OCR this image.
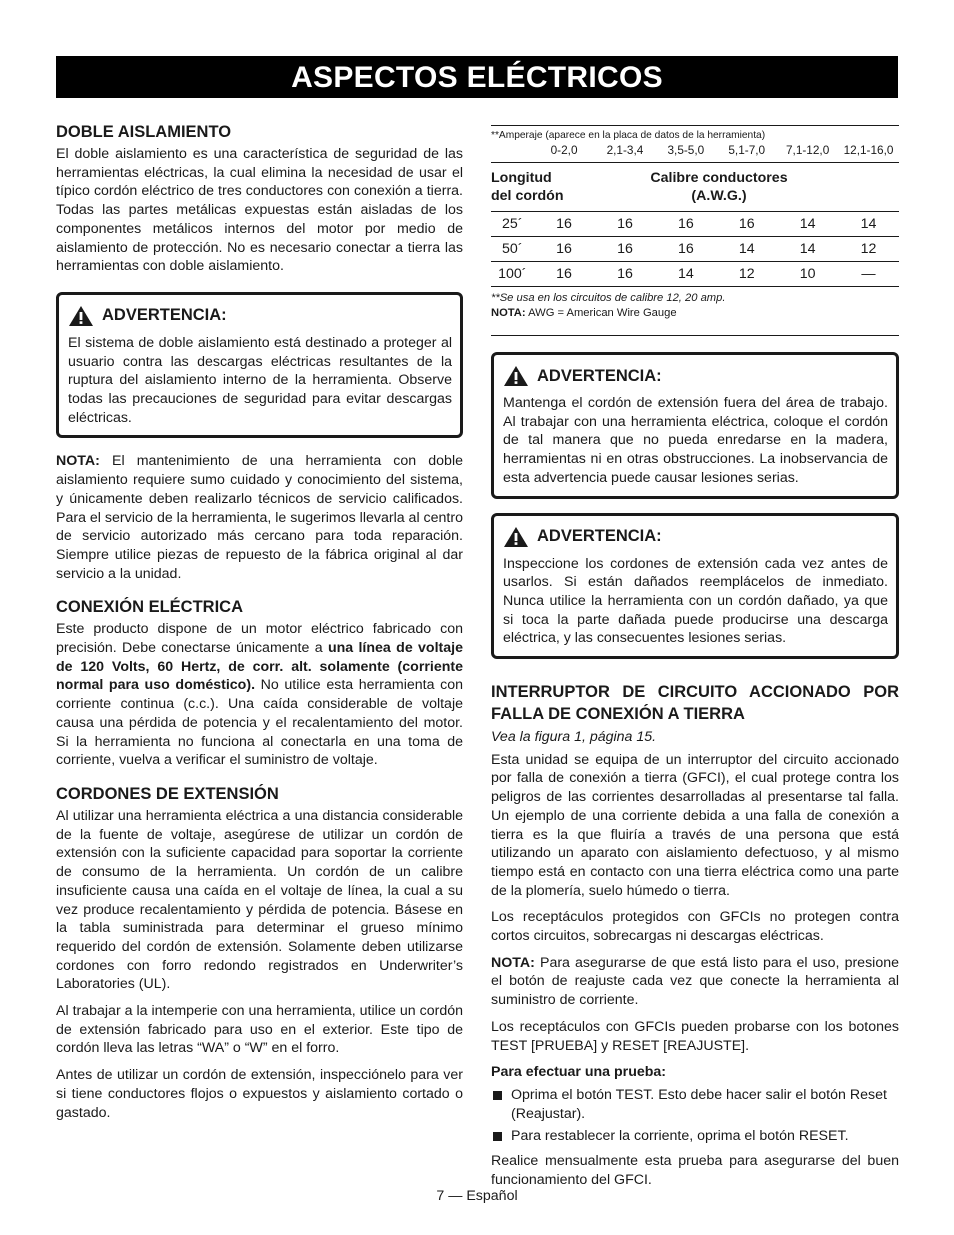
ASPECTOS ELÉCTRICOS
DOBLE AISLAMIENTO

El doble aislamiento es una característica de seguridad de las herramientas eléctricas, la cual elimina la necesidad de usar el típico cordón eléctrico de tres conductores con conexión a tierra. Todas las partes metálicas expuestas están aisladas de los componentes metálicos internos del motor por medio de aislamiento de protección. No es necesario conectar a tierra las herramientas con doble aislamiento.

ADVERTENCIA:

El sistema de doble aislamiento está destinado a proteger al usuario contra las descargas eléctricas resultantes de la ruptura del aislamiento interno de la herramienta. Observe todas las precauciones de seguridad para evitar descargas eléctricas.

NOTA: El mantenimiento de una herramienta con doble aislamiento requiere sumo cuidado y conocimiento del sistema, y únicamente deben realizarlo técnicos de servicio calificados. Para el servicio de la herramienta, le sugerimos llevarla al centro de servicio autorizado más cercano para toda reparación. Siempre utilice piezas de repuesto de la fábrica original al dar servicio a la unidad.

CONEXIÓN ELÉCTRICA

Este producto dispone de un motor eléctrico fabricado con precisión. Debe conectarse únicamente a una línea de voltaje de 120 Volts, 60 Hertz, de corr. alt. solamente (corriente normal para uso doméstico). No utilice esta herramienta con corriente continua (c.c.). Una caída considerable de voltaje causa una pérdida de potencia y el recalentamiento del motor. Si la herramienta no funciona al conectarla en una toma de corriente, vuelva a verificar el suministro de voltaje.

CORDONES DE EXTENSIÓN

Al utilizar una herramienta eléctrica a una distancia considerable de la fuente de voltaje, asegúrese de utilizar un cordón de extensión con la suficiente capacidad para soportar la corriente de consumo de la herramienta. Un cordón de un calibre insuficiente causa una caída en el voltaje de línea, la cual a su vez produce recalentamiento y pérdida de potencia. Básese en la tabla suministrada para determinar el grueso mínimo requerido del cordón de extensión. Solamente deben utilizarse cordones con forro redondo registrados en Underwriter’s Laboratories (UL).

Al trabajar a la intemperie con una herramienta, utilice un cordón de extensión fabricado para uso en el exterior. Este tipo de cordón lleva las letras “WA” o “W” en el forro.

Antes de utilizar un cordón de extensión, inspecciónelo para ver si tiene conductores flojos o expuestos y aislamiento cortado o gastado.

**Amperaje (aparece en la placa de datos de la herramienta)
0-2,0	2,1-3,4	3,5-5,0	5,1-7,0	7,1-12,0	12,1-16,0
Longitud
del cordón
Calibre conductores
(A.W.G.)
25´	16	16	16	16	14	14
50´	16	16	16	14	14	12
100´	16	16	14	12	10	—
**Se usa en los circuitos de calibre 12, 20 amp.
NOTA: AWG = American Wire Gauge
ADVERTENCIA:

Mantenga el cordón de extensión fuera del área de trabajo. Al trabajar con una herramienta eléctrica, coloque el cordón de tal manera que no pueda enredarse en la madera, herramientas ni en otras obstrucciones. La inobservancia de esta advertencia puede causar lesiones serias.

ADVERTENCIA:

Inspeccione los cordones de extensión cada vez antes de usarlos. Si están dañados reemplácelos de inmediato. Nunca utilice la herramienta con un cordón dañado, ya que si toca la parte dañada puede producirse una descarga eléctrica, y las consecuentes lesiones serias.

INTERRUPTOR DE CIRCUITO ACCIONADO POR FALLA DE CONEXIÓN A TIERRA

Vea la figura 1, página 15.

Esta unidad se equipa de un interruptor del circuito accionado por falla de conexión a tierra (GFCI), el cual protege contra los peligros de las corrientes desarrolladas al presentarse tal falla. Un ejemplo de una corriente debida a una falla de conexión a tierra es la que fluiría a través de una persona que está utilizando un aparato con aislamiento defectuoso, y al mismo tiempo está en contacto con una tierra eléctrica como una parte de la plomería, suelo húmedo o tierra.

Los receptáculos protegidos con GFCIs no protegen contra cortos circuitos, sobrecargas ni descargas eléctricas.

NOTA: Para asegurarse de que está listo para el uso, presione el botón de reajuste cada vez que conecte la herramienta al suministro de corriente.

Los receptáculos con GFCIs pueden probarse con los botones TEST [PRUEBA] y RESET [REAJUSTE].

Para efectuar una prueba:

Oprima el botón TEST. Esto debe hacer salir el botón Reset (Reajustar).
Para restablecer la corriente, oprima el botón RESET.

Realice mensualmente esta prueba para asegurarse del buen funcionamiento del GFCI.

7 — Español
